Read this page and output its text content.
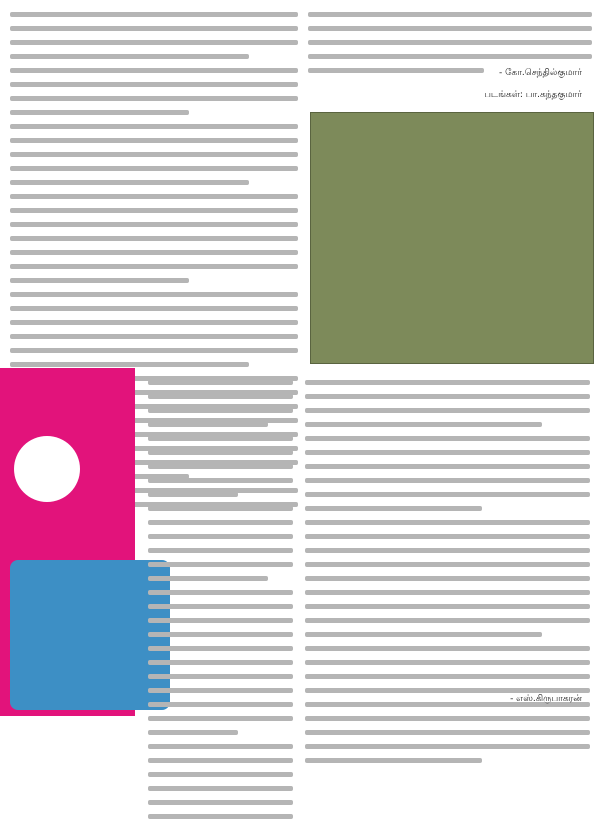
- கோ.செந்தில்குமார்
படங்கள்: பா.கந்தகுமார்
- எஸ்.கிருபாகரன்
